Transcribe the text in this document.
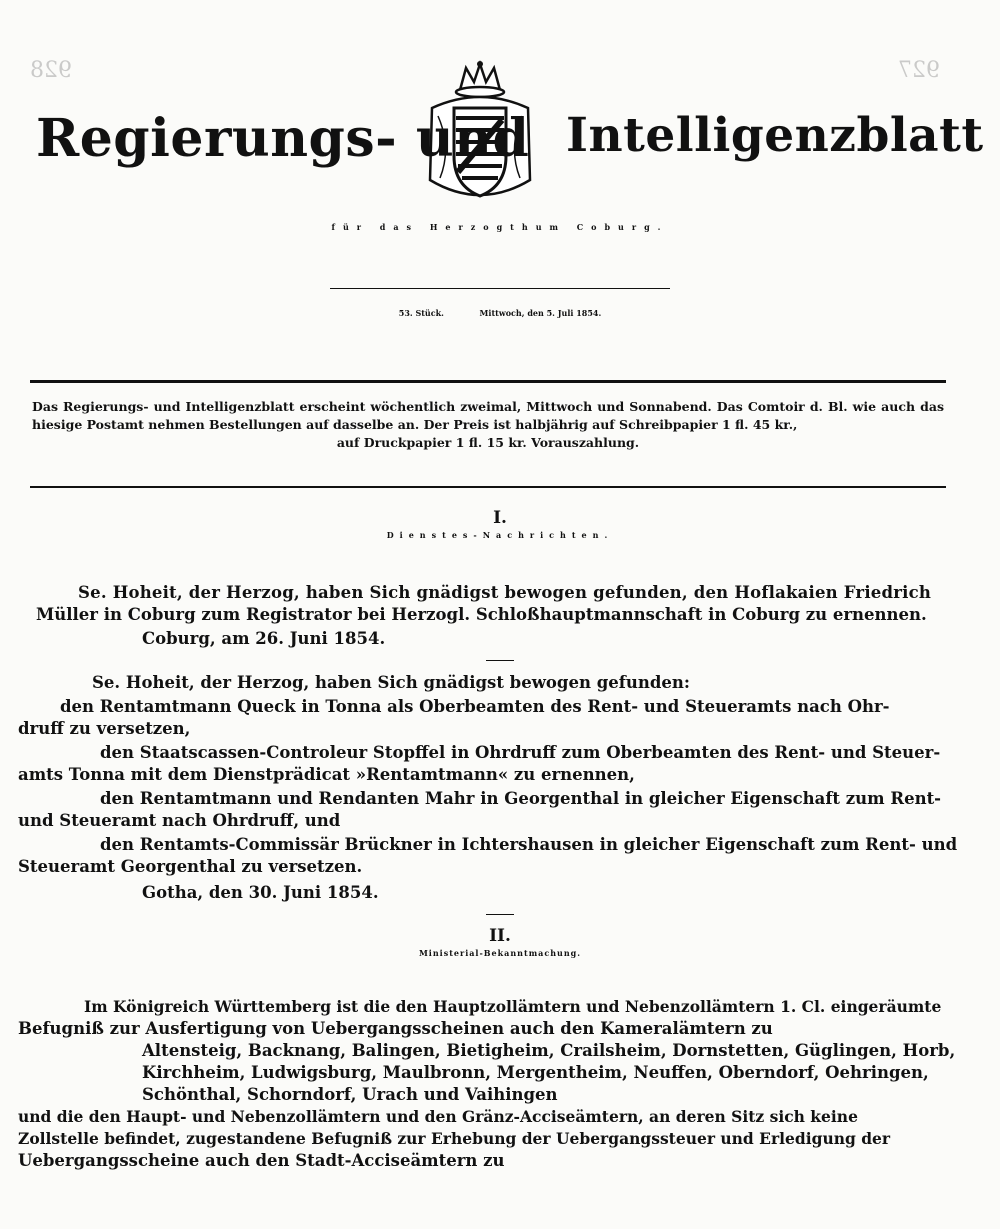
928	927
Regierungs- und Intelligenzblatt
für das Herzogthum Coburg.
53. Stück.	Mittwoch, den 5. Juli 1854.
Das Regierungs- und Intelligenzblatt erscheint wöchentlich zweimal, Mittwoch und Sonnabend. Das Comtoir d. Bl. wie auch das hiesige Postamt nehmen Bestellungen auf dasselbe an. Der Preis ist halbjährig auf Schreibpapier 1 fl. 45 kr.,
auf Druckpapier 1 fl. 15 kr. Vorauszahlung.
I.
Dienstes-Nachrichten.
Se. Hoheit, der Herzog, haben Sich gnädigst bewogen gefunden, den Hoflakaien Friedrich
Müller in Coburg zum Registrator bei Herzogl. Schloßhauptmannschaft in Coburg zu ernennen.
Coburg, am 26. Juni 1854.
Se. Hoheit, der Herzog, haben Sich gnädigst bewogen gefunden:
den Rentamtmann Queck in Tonna als Oberbeamten des Rent- und Steueramts nach Ohr-
druff zu versetzen,
den Staatscassen-Controleur Stopffel in Ohrdruff zum Oberbeamten des Rent- und Steuer-
amts Tonna mit dem Dienstprädicat »Rentamtmann« zu ernennen,
den Rentamtmann und Rendanten Mahr in Georgenthal in gleicher Eigenschaft zum Rent-
und Steueramt nach Ohrdruff, und
den Rentamts-Commissär Brückner in Ichtershausen in gleicher Eigenschaft zum Rent- und
Steueramt Georgenthal zu versetzen.
Gotha, den 30. Juni 1854.
II.
Ministerial-Bekanntmachung.
Im Königreich Württemberg ist die den Hauptzollämtern und Nebenzollämtern 1. Cl. eingeräumte
Befugniß zur Ausfertigung von Uebergangsscheinen auch den Kameralämtern zu
Altensteig, Backnang, Balingen, Bietigheim, Crailsheim, Dornstetten, Güglingen, Horb,
Kirchheim, Ludwigsburg, Maulbronn, Mergentheim, Neuffen, Oberndorf, Oehringen,
Schönthal, Schorndorf, Urach und Vaihingen
und die den Haupt- und Nebenzollämtern und den Gränz-Acciseämtern, an deren Sitz sich keine
Zollstelle befindet, zugestandene Befugniß zur Erhebung der Uebergangssteuer und Erledigung der
Uebergangsscheine auch den Stadt-Acciseämtern zu
